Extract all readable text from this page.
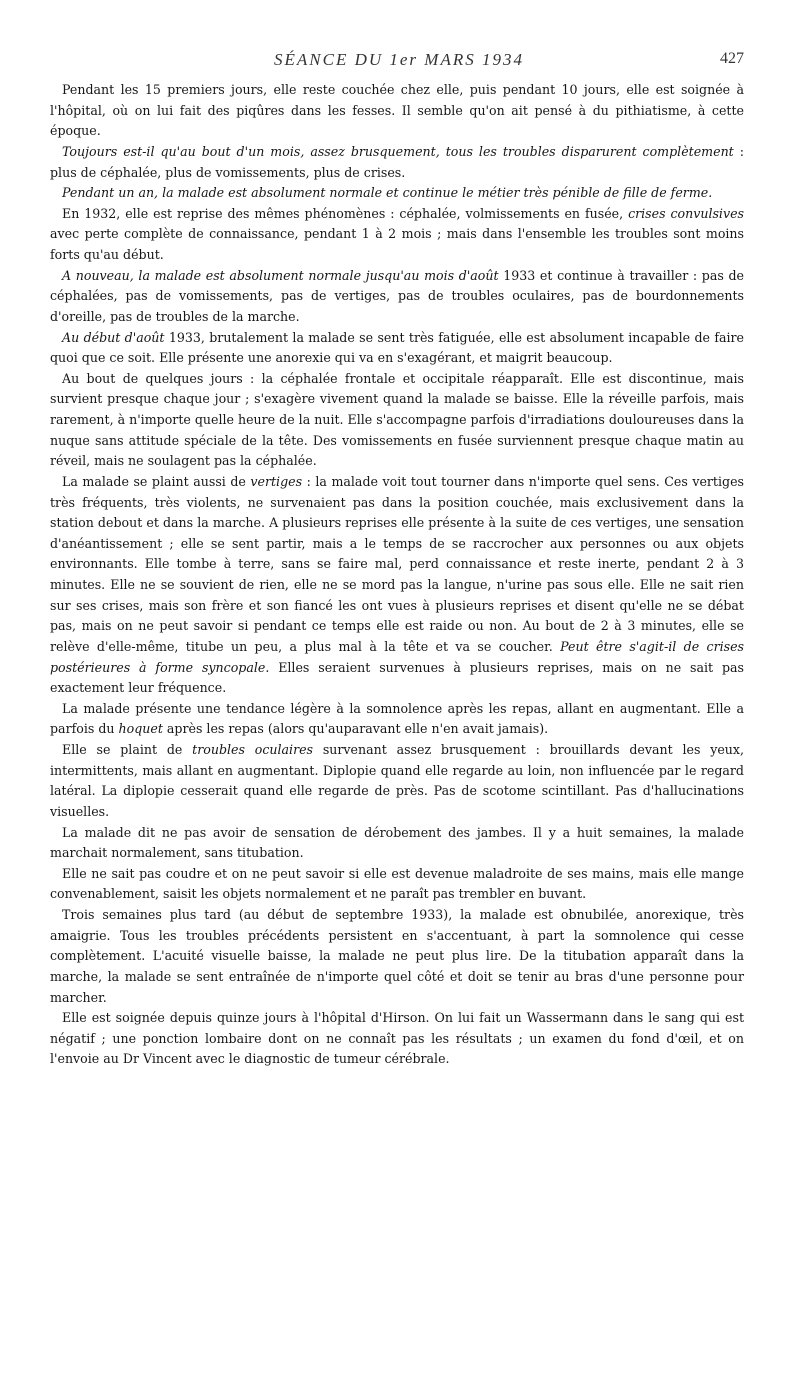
SÉANCE DU 1er MARS 1934	427

Pendant les 15 premiers jours, elle reste couchée chez elle, puis pendant 10 jours, elle est soignée à l'hôpital, où on lui fait des piqûres dans les fesses. Il semble qu'on ait pensé à du pithiatisme, à cette époque.

Toujours est-il qu'au bout d'un mois, assez brusquement, tous les troubles disparurent complètement : plus de céphalée, plus de vomissements, plus de crises.

Pendant un an, la malade est absolument normale et continue le métier très pénible de fille de ferme.

En 1932, elle est reprise des mêmes phénomènes : céphalée, volmissements en fusée, crises convulsives avec perte complète de connaissance, pendant 1 à 2 mois ; mais dans l'ensemble les troubles sont moins forts qu'au début.

A nouveau, la malade est absolument normale jusqu'au mois d'août 1933 et continue à travailler : pas de céphalées, pas de vomissements, pas de vertiges, pas de troubles oculaires, pas de bourdonnements d'oreille, pas de troubles de la marche.

Au début d'août 1933, brutalement la malade se sent très fatiguée, elle est absolument incapable de faire quoi que ce soit. Elle présente une anorexie qui va en s'exagérant, et maigrit beaucoup.

Au bout de quelques jours : la céphalée frontale et occipitale réapparaît. Elle est discontinue, mais survient presque chaque jour ; s'exagère vivement quand la malade se baisse. Elle la réveille parfois, mais rarement, à n'importe quelle heure de la nuit. Elle s'accompagne parfois d'irradiations douloureuses dans la nuque sans attitude spéciale de la tête. Des vomissements en fusée surviennent presque chaque matin au réveil, mais ne soulagent pas la céphalée.

La malade se plaint aussi de vertiges : la malade voit tout tourner dans n'importe quel sens. Ces vertiges très fréquents, très violents, ne survenaient pas dans la position couchée, mais exclusivement dans la station debout et dans la marche. A plusieurs reprises elle présente à la suite de ces vertiges, une sensation d'anéantissement ; elle se sent partir, mais a le temps de se raccrocher aux personnes ou aux objets environnants. Elle tombe à terre, sans se faire mal, perd connaissance et reste inerte, pendant 2 à 3 minutes. Elle ne se souvient de rien, elle ne se mord pas la langue, n'urine pas sous elle. Elle ne sait rien sur ses crises, mais son frère et son fiancé les ont vues à plusieurs reprises et disent qu'elle ne se débat pas, mais on ne peut savoir si pendant ce temps elle est raide ou non. Au bout de 2 à 3 minutes, elle se relève d'elle-même, titube un peu, a plus mal à la tête et va se coucher. Peut être s'agit-il de crises postérieures à forme syncopale. Elles seraient survenues à plusieurs reprises, mais on ne sait pas exactement leur fréquence.

La malade présente une tendance légère à la somnolence après les repas, allant en augmentant. Elle a parfois du hoquet après les repas (alors qu'auparavant elle n'en avait jamais).

Elle se plaint de troubles oculaires survenant assez brusquement : brouillards devant les yeux, intermittents, mais allant en augmentant. Diplopie quand elle regarde au loin, non influencée par le regard latéral. La diplopie cesserait quand elle regarde de près. Pas de scotome scintillant. Pas d'hallucinations visuelles.

La malade dit ne pas avoir de sensation de dérobement des jambes. Il y a huit semaines, la malade marchait normalement, sans titubation.

Elle ne sait pas coudre et on ne peut savoir si elle est devenue maladroite de ses mains, mais elle mange convenablement, saisit les objets normalement et ne paraît pas trembler en buvant.

Trois semaines plus tard (au début de septembre 1933), la malade est obnubilée, anorexique, très amaigrie. Tous les troubles précédents persistent en s'accentuant, à part la somnolence qui cesse complètement. L'acuité visuelle baisse, la malade ne peut plus lire. De la titubation apparaît dans la marche, la malade se sent entraînée de n'importe quel côté et doit se tenir au bras d'une personne pour marcher.

Elle est soignée depuis quinze jours à l'hôpital d'Hirson. On lui fait un Wassermann dans le sang qui est négatif ; une ponction lombaire dont on ne connaît pas les résultats ; un examen du fond d'œil, et on l'envoie au Dr Vincent avec le diagnostic de tumeur cérébrale.
